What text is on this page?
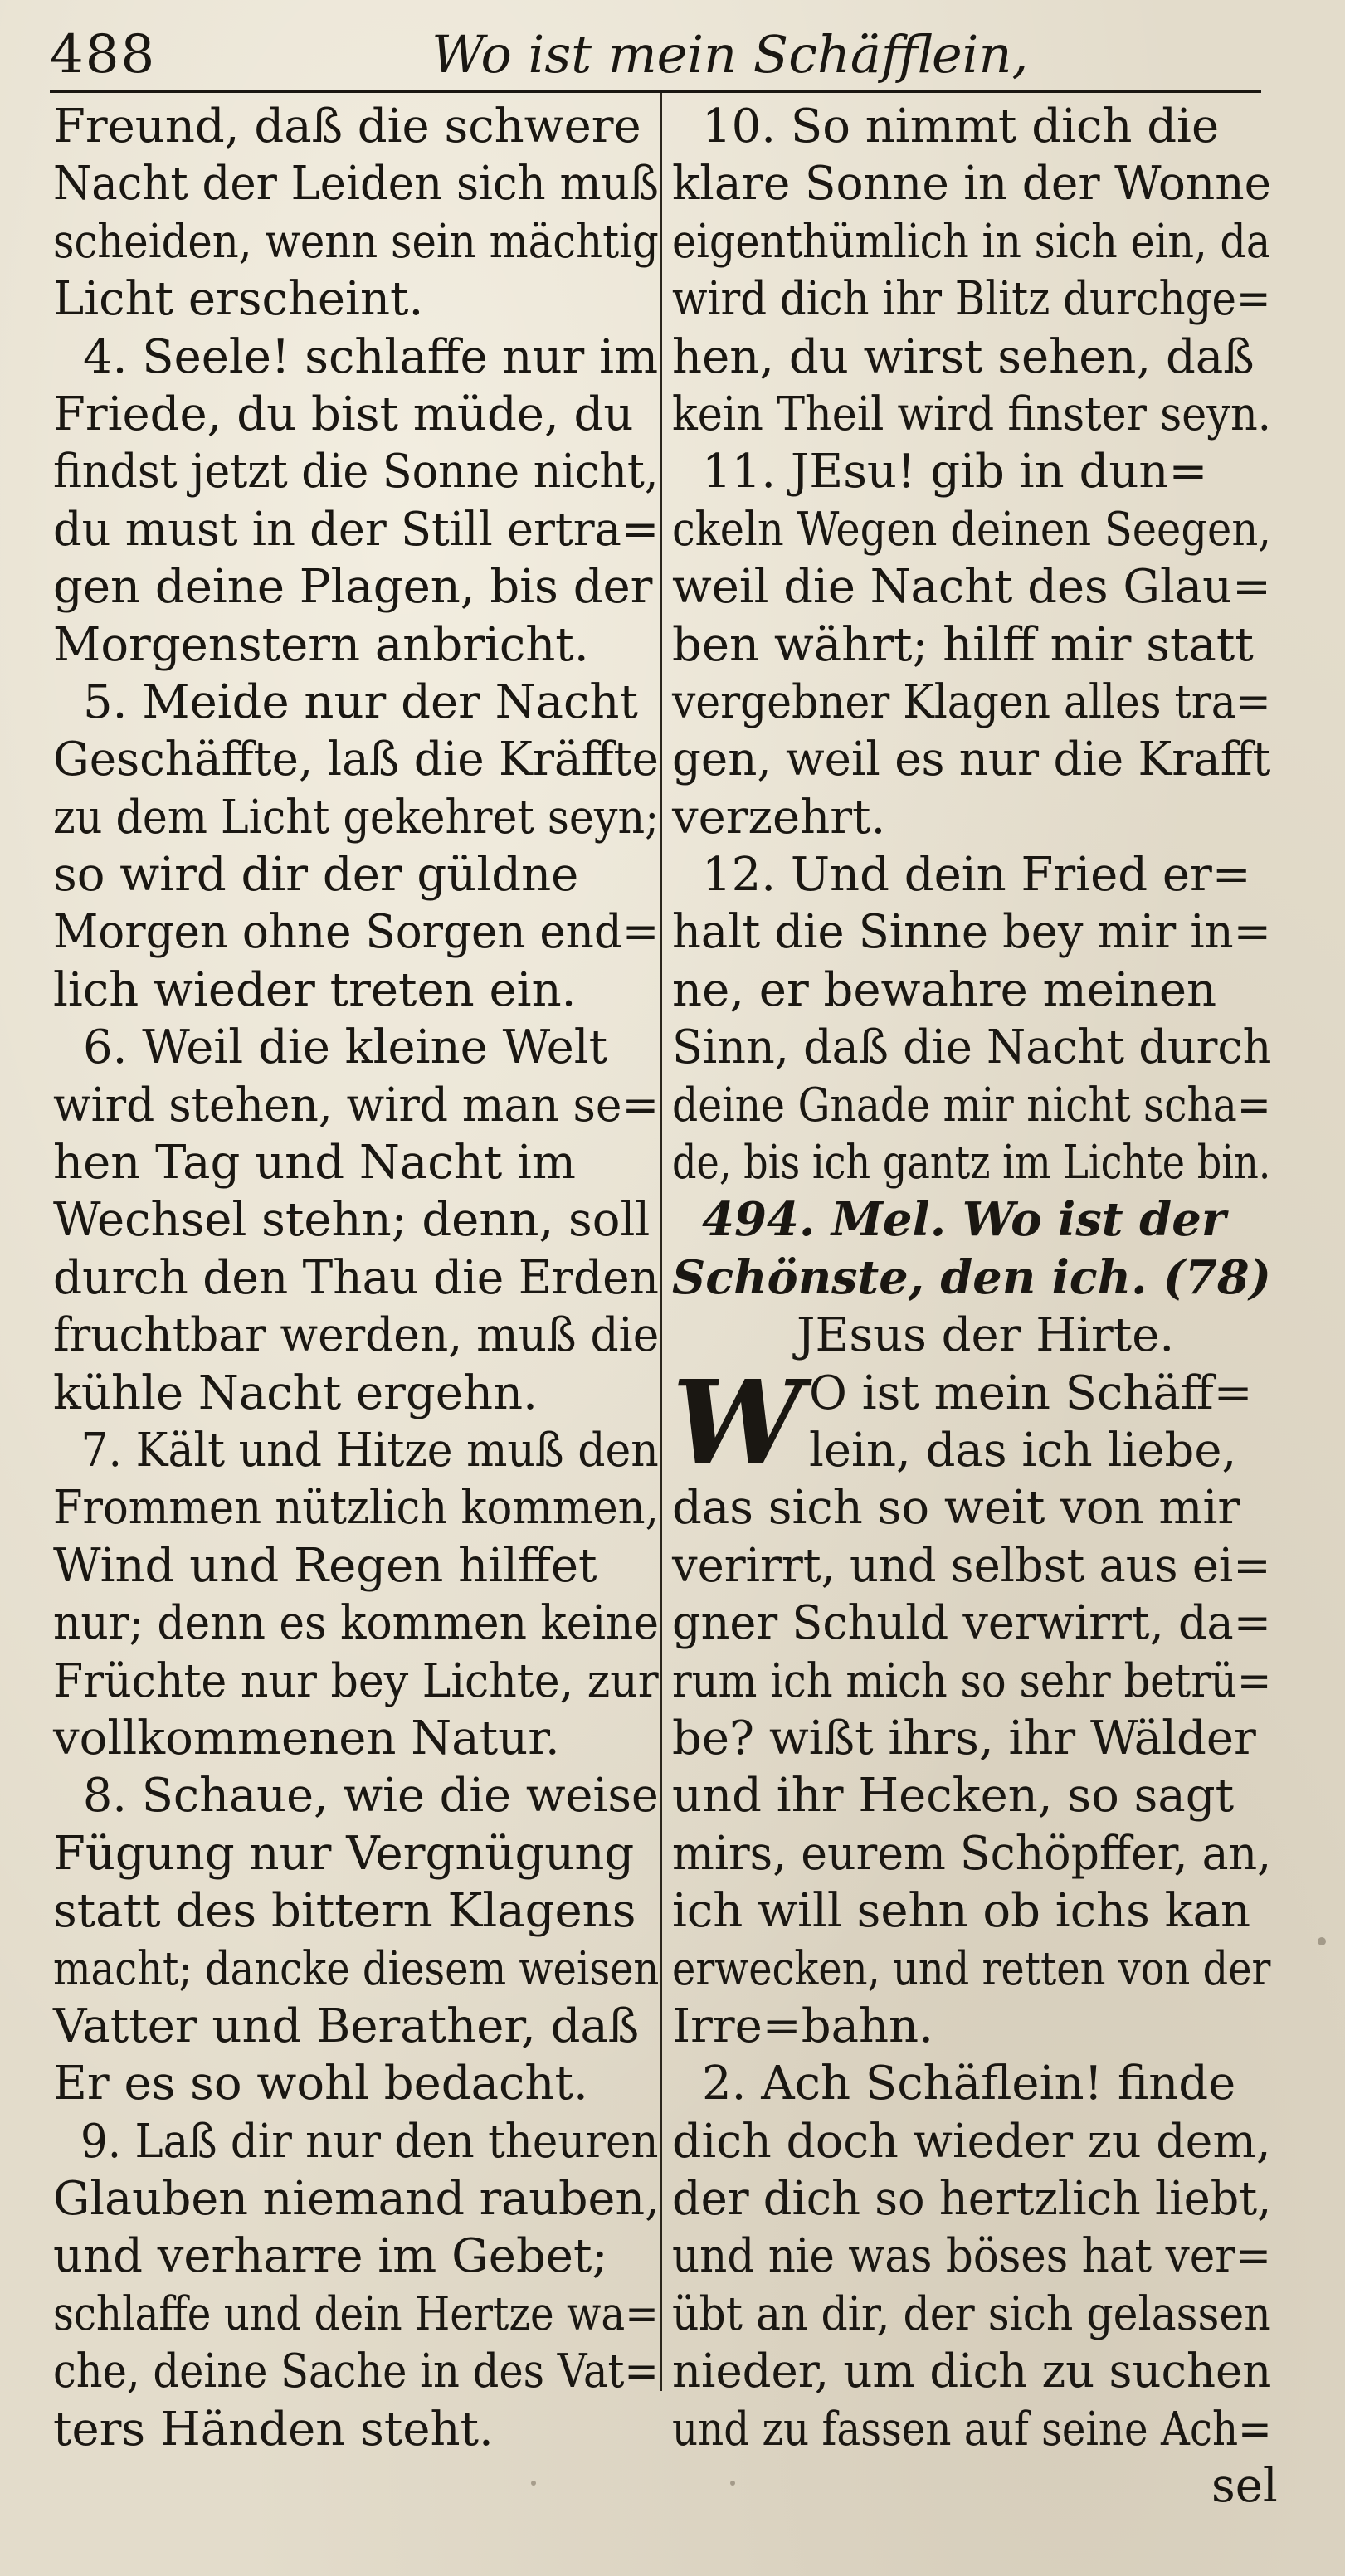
488	Wo ist mein Schäfflein,
Freund, daß die schwere
Nacht der Leiden sich muß
scheiden, wenn sein mächtig
Licht erscheint.
4. Seele! schlaffe nur im
Friede, du bist müde, du
findst jetzt die Sonne nicht,
du must in der Still ertra=
gen deine Plagen, bis der
Morgenstern anbricht.
5. Meide nur der Nacht
Geschäffte, laß die Kräffte
zu dem Licht gekehret seyn;
so wird dir der güldne
Morgen ohne Sorgen end=
lich wieder treten ein.
6. Weil die kleine Welt
wird stehen, wird man se=
hen Tag und Nacht im
Wechsel stehn; denn, soll
durch den Thau die Erden
fruchtbar werden, muß die
kühle Nacht ergehn.
7. Kält und Hitze muß den
Frommen nützlich kommen,
Wind und Regen hilffet
nur; denn es kommen keine
Früchte nur bey Lichte, zur
vollkommenen Natur.
8. Schaue, wie die weise
Fügung nur Vergnügung
statt des bittern Klagens
macht; dancke diesem weisen
Vatter und Berather, daß
Er es so wohl bedacht.
9. Laß dir nur den theuren
Glauben niemand rauben,
und verharre im Gebet;
schlaffe und dein Hertze wa=
che, deine Sache in des Vat=
ters Händen steht.
10. So nimmt dich die
klare Sonne in der Wonne
eigenthümlich in sich ein, da
wird dich ihr Blitz durchge=
hen, du wirst sehen, daß
kein Theil wird finster seyn.
11. JEsu! gib in dun=
ckeln Wegen deinen Seegen,
weil die Nacht des Glau=
ben währt; hilff mir statt
vergebner Klagen alles tra=
gen, weil es nur die Krafft
verzehrt.
12. Und dein Fried er=
halt die Sinne bey mir in=
ne, er bewahre meinen
Sinn, daß die Nacht durch
deine Gnade mir nicht scha=
de, bis ich gantz im Lichte bin.
494. Mel. Wo ist der
Schönste, den ich. (78)
JEsus der Hirte.
W O ist mein Schäff=
lein, das ich liebe,
das sich so weit von mir
verirrt, und selbst aus ei=
gner Schuld verwirrt, da=
rum ich mich so sehr betrü=
be? wißt ihrs, ihr Wälder
und ihr Hecken, so sagt
mirs, eurem Schöpffer, an,
ich will sehn ob ichs kan
erwecken, und retten von der
Irre=bahn.
2. Ach Schäflein! finde
dich doch wieder zu dem,
der dich so hertzlich liebt,
und nie was böses hat ver=
übt an dir, der sich gelassen
nieder, um dich zu suchen
und zu fassen auf seine Ach=
sel
